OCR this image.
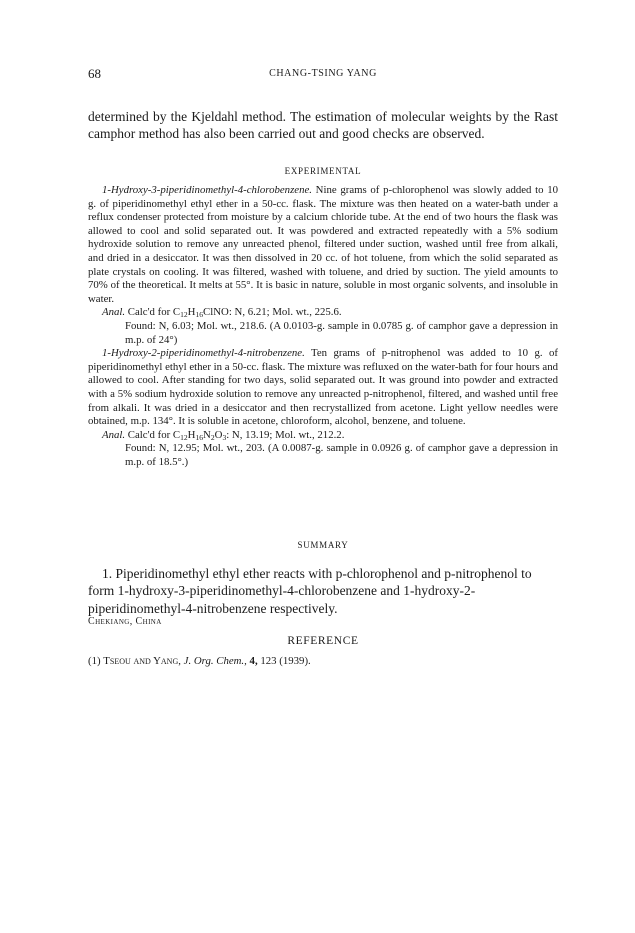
68	CHANG-TSING YANG

determined by the Kjeldahl method. The estimation of molecular weights by the Rast camphor method has also been carried out and good checks are observed.

EXPERIMENTAL

1-Hydroxy-3-piperidinomethyl-4-chlorobenzene. Nine grams of p-chlorophenol was slowly added to 10 g. of piperidinomethyl ethyl ether in a 50-cc. flask. The mixture was then heated on a water-bath under a reflux condenser protected from moisture by a calcium chloride tube. At the end of two hours the flask was allowed to cool and solid separated out. It was powdered and extracted repeatedly with a 5% sodium hydroxide solution to remove any unreacted phenol, filtered under suction, washed until free from alkali, and dried in a desiccator. It was then dissolved in 20 cc. of hot toluene, from which the solid separated as plate crystals on cooling. It was filtered, washed with toluene, and dried by suction. The yield amounts to 70% of the theoretical. It melts at 55°. It is basic in nature, soluble in most organic solvents, and insoluble in water.

Anal. Calc'd for $C_{12}H_{16}ClNO$: N, 6.21; Mol. wt., 225.6.

Found: N, 6.03; Mol. wt., 218.6. (A 0.0103-g. sample in 0.0785 g. of camphor gave a depression in m.p. of 24°)

1-Hydroxy-2-piperidinomethyl-4-nitrobenzene. Ten grams of p-nitrophenol was added to 10 g. of piperidinomethyl ethyl ether in a 50-cc. flask. The mixture was refluxed on the water-bath for four hours and allowed to cool. After standing for two days, solid separated out. It was ground into powder and extracted with a 5% sodium hydroxide solution to remove any unreacted p-nitrophenol, filtered, and washed until free from alkali. It was dried in a desiccator and then recrystallized from acetone. Light yellow needles were obtained, m.p. 134°. It is soluble in acetone, chloroform, alcohol, benzene, and toluene.

Anal. Calc'd for $C_{12}H_{16}N_2O_3$: N, 13.19; Mol. wt., 212.2.

Found: N, 12.95; Mol. wt., 203. (A 0.0087-g. sample in 0.0926 g. of camphor gave a depression in m.p. of 18.5°.)

SUMMARY

1. Piperidinomethyl ethyl ether reacts with p-chlorophenol and p-nitrophenol to form 1-hydroxy-3-piperidinomethyl-4-chlorobenzene and 1-hydroxy-2-piperidinomethyl-4-nitrobenzene respectively.

Chekiang, China
REFERENCE
(1) Tseou and Yang, J. Org. Chem., 4, 123 (1939).
